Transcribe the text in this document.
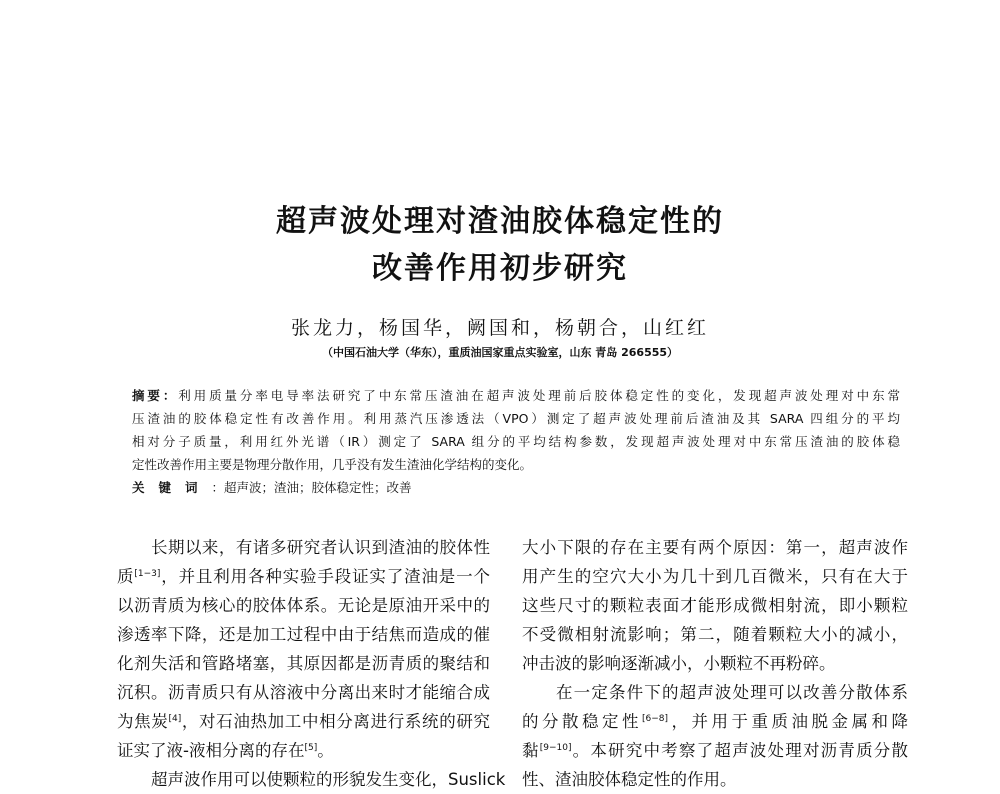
超声波处理对渣油胶体稳定性的
改善作用初步研究
张龙力，杨国华，阙国和，杨朝合，山红红
（中国石油大学（华东），重质油国家重点实验室，山东 青岛 266555）
摘要：利用质量分率电导率法研究了中东常压渣油在超声波处理前后胶体稳定性的变化，发现超声波处理对中东常
压渣油的胶体稳定性有改善作用。利用蒸汽压渗透法（VPO）测定了超声波处理前后渣油及其 SARA 四组分的平均
相对分子质量，利用红外光谱（IR）测定了 SARA 组分的平均结构参数，发现超声波处理对中东常压渣油的胶体稳
定性改善作用主要是物理分散作用，几乎没有发生渣油化学结构的变化。
关键词：超声波；渣油；胶体稳定性；改善
长期以来，有诸多研究者认识到渣油的胶体性
质[1−3]，并且利用各种实验手段证实了渣油是一个
以沥青质为核心的胶体体系。无论是原油开采中的
渗透率下降，还是加工过程中由于结焦而造成的催
化剂失活和管路堵塞，其原因都是沥青质的聚结和
沉积。沥青质只有从溶液中分离出来时才能缩合成
为焦炭[4]，对石油热加工中相分离进行系统的研究
证实了液-液相分离的存在[5]。
超声波作用可以使颗粒的形貌发生变化，Suslick
大小下限的存在主要有两个原因：第一，超声波作
用产生的空穴大小为几十到几百微米，只有在大于
这些尺寸的颗粒表面才能形成微相射流，即小颗粒
不受微相射流影响；第二，随着颗粒大小的减小，
冲击波的影响逐渐减小，小颗粒不再粉碎。
在一定条件下的超声波处理可以改善分散体系
的分散稳定性[6−8]，并用于重质油脱金属和降
黏[9−10]。本研究中考察了超声波处理对沥青质分散
性、渣油胶体稳定性的作用。
